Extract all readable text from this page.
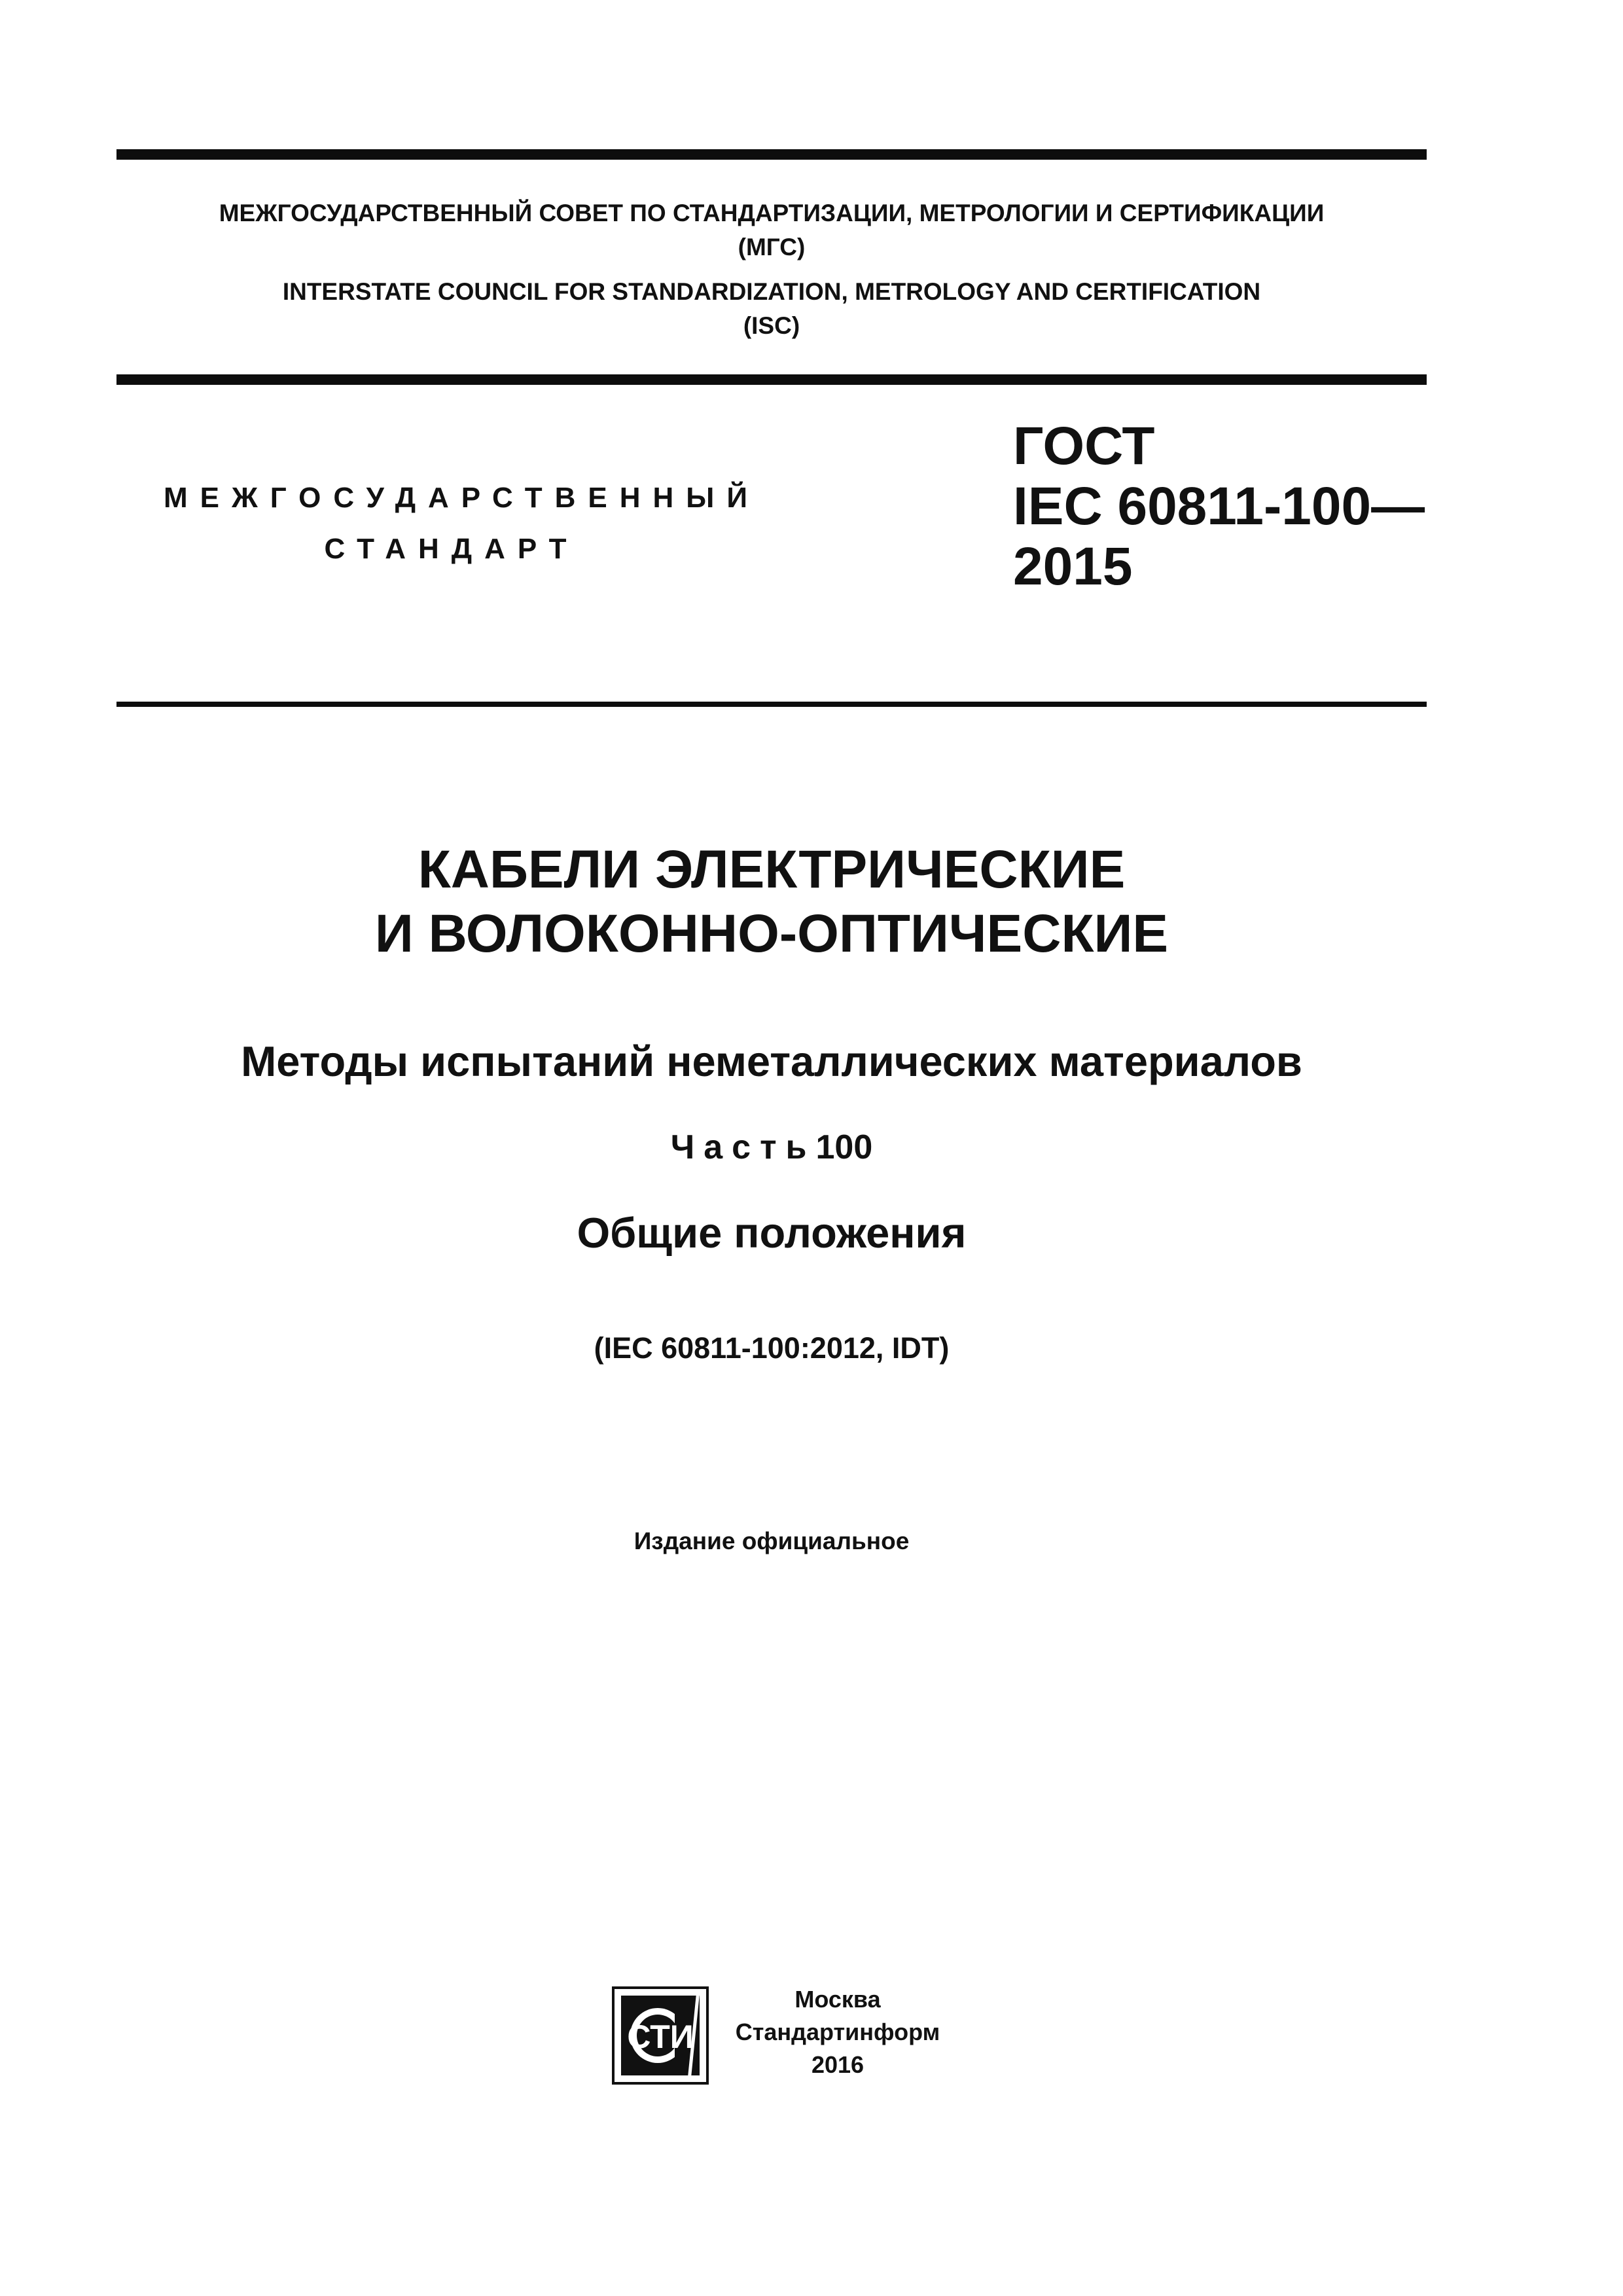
МЕЖГОСУДАРСТВЕННЫЙ СОВЕТ ПО СТАНДАРТИЗАЦИИ, МЕТРОЛОГИИ И СЕРТИФИКАЦИИ
(МГС)
INTERSTATE COUNCIL FOR STANDARDIZATION, METROLOGY AND CERTIFICATION
(ISC)
МЕЖГОСУДАРСТВЕННЫЙ
СТАНДАРТ
ГОСТ
IEC 60811-100—
2015
КАБЕЛИ ЭЛЕКТРИЧЕСКИЕ
И ВОЛОКОННО-ОПТИЧЕСКИЕ
Методы испытаний неметаллических материалов
Часть100
Общие положения
(IEC 60811-100:2012, IDT)
Издание официальное
СТИ
Москва
Стандартинформ
2016
